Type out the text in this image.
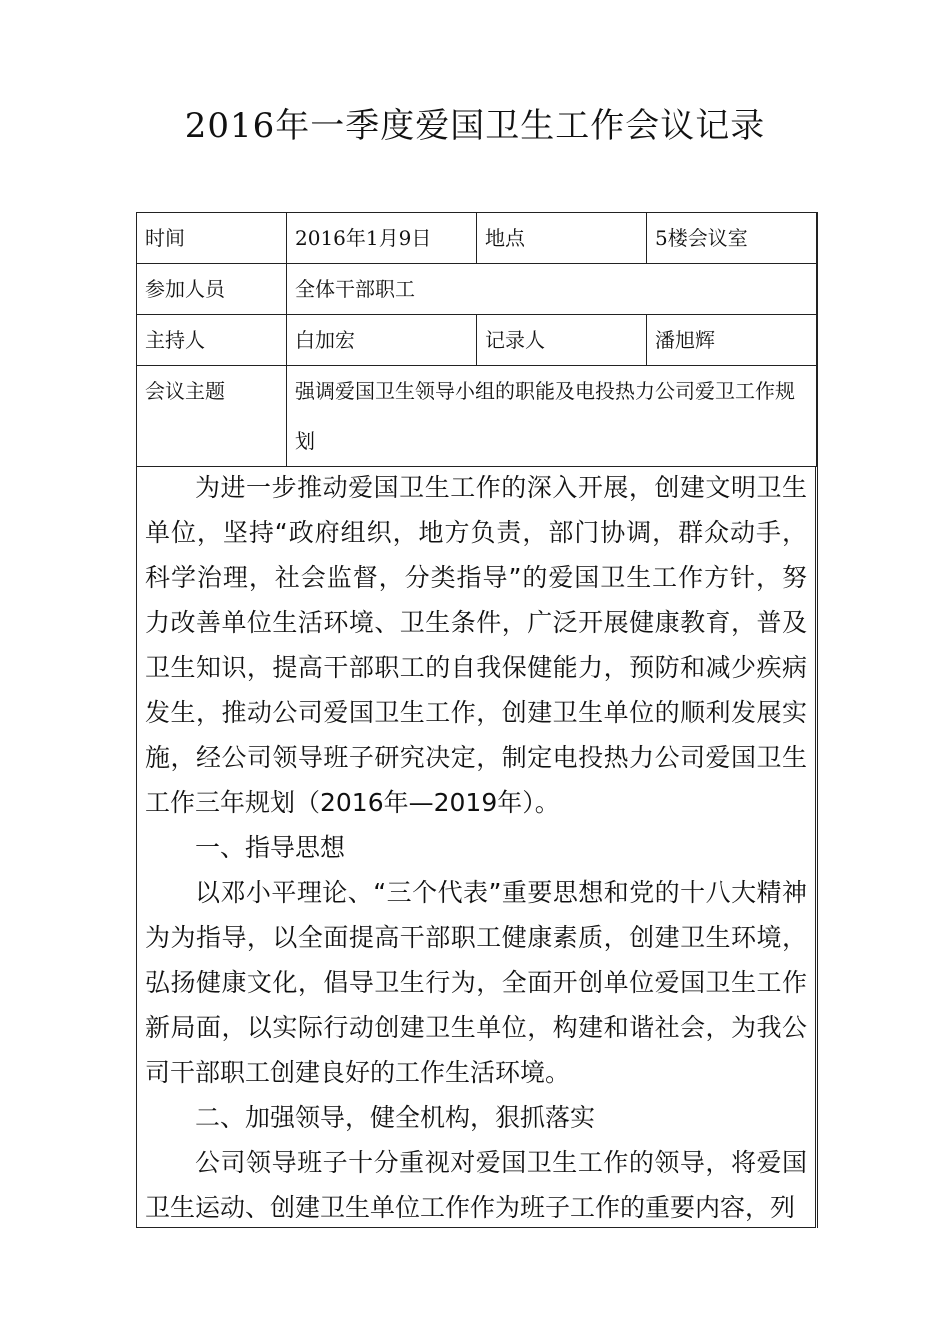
2016年一季度爱国卫生工作会议记录
时间	2016年1月9日	地点	5楼会议室
参加人员	全体干部职工		
主持人	白加宏	记录人	潘旭辉
会议主题	强调爱国卫生领导小组的职能及电投热力公司爱卫工作规划		

为进一步推动爱国卫生工作的深入开展，创建文明卫生单位，坚持“政府组织，地方负责，部门协调，群众动手，科学治理，社会监督，分类指导”的爱国卫生工作方针，努力改善单位生活环境、卫生条件，广泛开展健康教育，普及卫生知识，提高干部职工的自我保健能力，预防和减少疾病发生，推动公司爱国卫生工作，创建卫生单位的顺利发展实施，经公司领导班子研究决定，制定电投热力公司爱国卫生工作三年规划（2016年—2019年）。

一、指导思想

以邓小平理论、“三个代表”重要思想和党的十八大精神为为指导，以全面提高干部职工健康素质，创建卫生环境，弘扬健康文化，倡导卫生行为，全面开创单位爱国卫生工作新局面，以实际行动创建卫生单位，构建和谐社会，为我公司干部职工创建良好的工作生活环境。

二、加强领导，健全机构，狠抓落实

公司领导班子十分重视对爱国卫生工作的领导，将爱国卫生运动、创建卫生单位工作作为班子工作的重要内容，列
